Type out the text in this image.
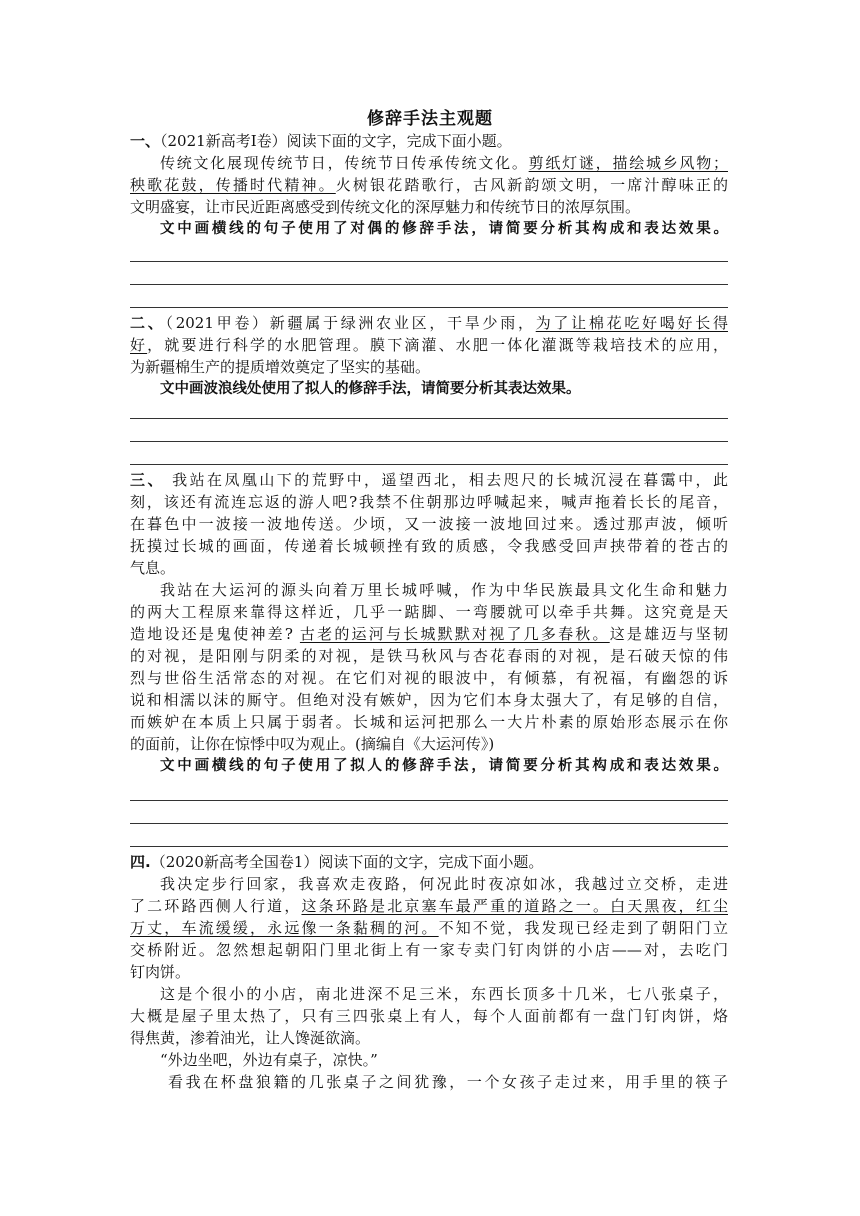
修辞手法主观题
一、（2021新高考Ⅰ卷）阅读下面的文字，完成下面小题。
传统文化展现传统节日，传统节日传承传统文化。剪纸灯谜，描绘城乡风物；
秧歌花鼓，传播时代精神。火树银花踏歌行，古风新韵颂文明，一席汁醇味正的
文明盛宴，让市民近距离感受到传统文化的深厚魅力和传统节日的浓厚氛围。
文中画横线的句子使用了对偶的修辞手法，请简要分析其构成和表达效果。
二、（2021甲卷）新疆属于绿洲农业区，干旱少雨，为了让棉花吃好喝好长得
好，就要进行科学的水肥管理。膜下滴灌、水肥一体化灌溉等栽培技术的应用，
为新疆棉生产的提质增效奠定了坚实的基础。
文中画波浪线处使用了拟人的修辞手法，请简要分析其表达效果。
三、 我站在凤凰山下的荒野中，遥望西北，相去咫尺的长城沉浸在暮霭中，此
刻，该还有流连忘返的游人吧?我禁不住朝那边呼喊起来，喊声拖着长长的尾音，
在暮色中一波接一波地传送。少顷，又一波接一波地回过来。透过那声波，倾听
抚摸过长城的画面，传递着长城顿挫有致的质感，令我感受回声挟带着的苍古的
气息。
我站在大运河的源头向着万里长城呼喊，作为中华民族最具文化生命和魅力
的两大工程原来靠得这样近，几乎一踮脚、一弯腰就可以牵手共舞。这究竟是天
造地设还是鬼使神差? 古老的运河与长城默默对视了几多春秋。这是雄迈与坚韧
的对视，是阳刚与阴柔的对视，是铁马秋风与杏花春雨的对视，是石破天惊的伟
烈与世俗生活常态的对视。在它们对视的眼波中，有倾慕，有祝福，有幽怨的诉
说和相濡以沫的厮守。但绝对没有嫉妒，因为它们本身太强大了，有足够的自信，
而嫉妒在本质上只属于弱者。长城和运河把那么一大片朴素的原始形态展示在你
的面前，让你在惊悸中叹为观止。(摘编自《大运河传》)
文中画横线的句子使用了拟人的修辞手法，请简要分析其构成和表达效果。
四.（2020新高考全国卷1）阅读下面的文字，完成下面小题。
我决定步行回家，我喜欢走夜路，何况此时夜凉如冰，我越过立交桥，走进
了二环路西侧人行道，这条环路是北京塞车最严重的道路之一。白天黑夜，红尘
万丈，车流缓缓，永远像一条黏稠的河。不知不觉，我发现已经走到了朝阳门立
交桥附近。忽然想起朝阳门里北街上有一家专卖门钉肉饼的小店——对，去吃门
钉肉饼。
这是个很小的小店，南北进深不足三米，东西长顶多十几米，七八张桌子，
大概是屋子里太热了，只有三四张桌上有人，每个人面前都有一盘门钉肉饼，烙
得焦黄，渗着油光，让人馋涎欲滴。
“外边坐吧，外边有桌子，凉快。”
看我在杯盘狼籍的几张桌子之间犹豫，一个女孩子走过来，用手里的筷子
